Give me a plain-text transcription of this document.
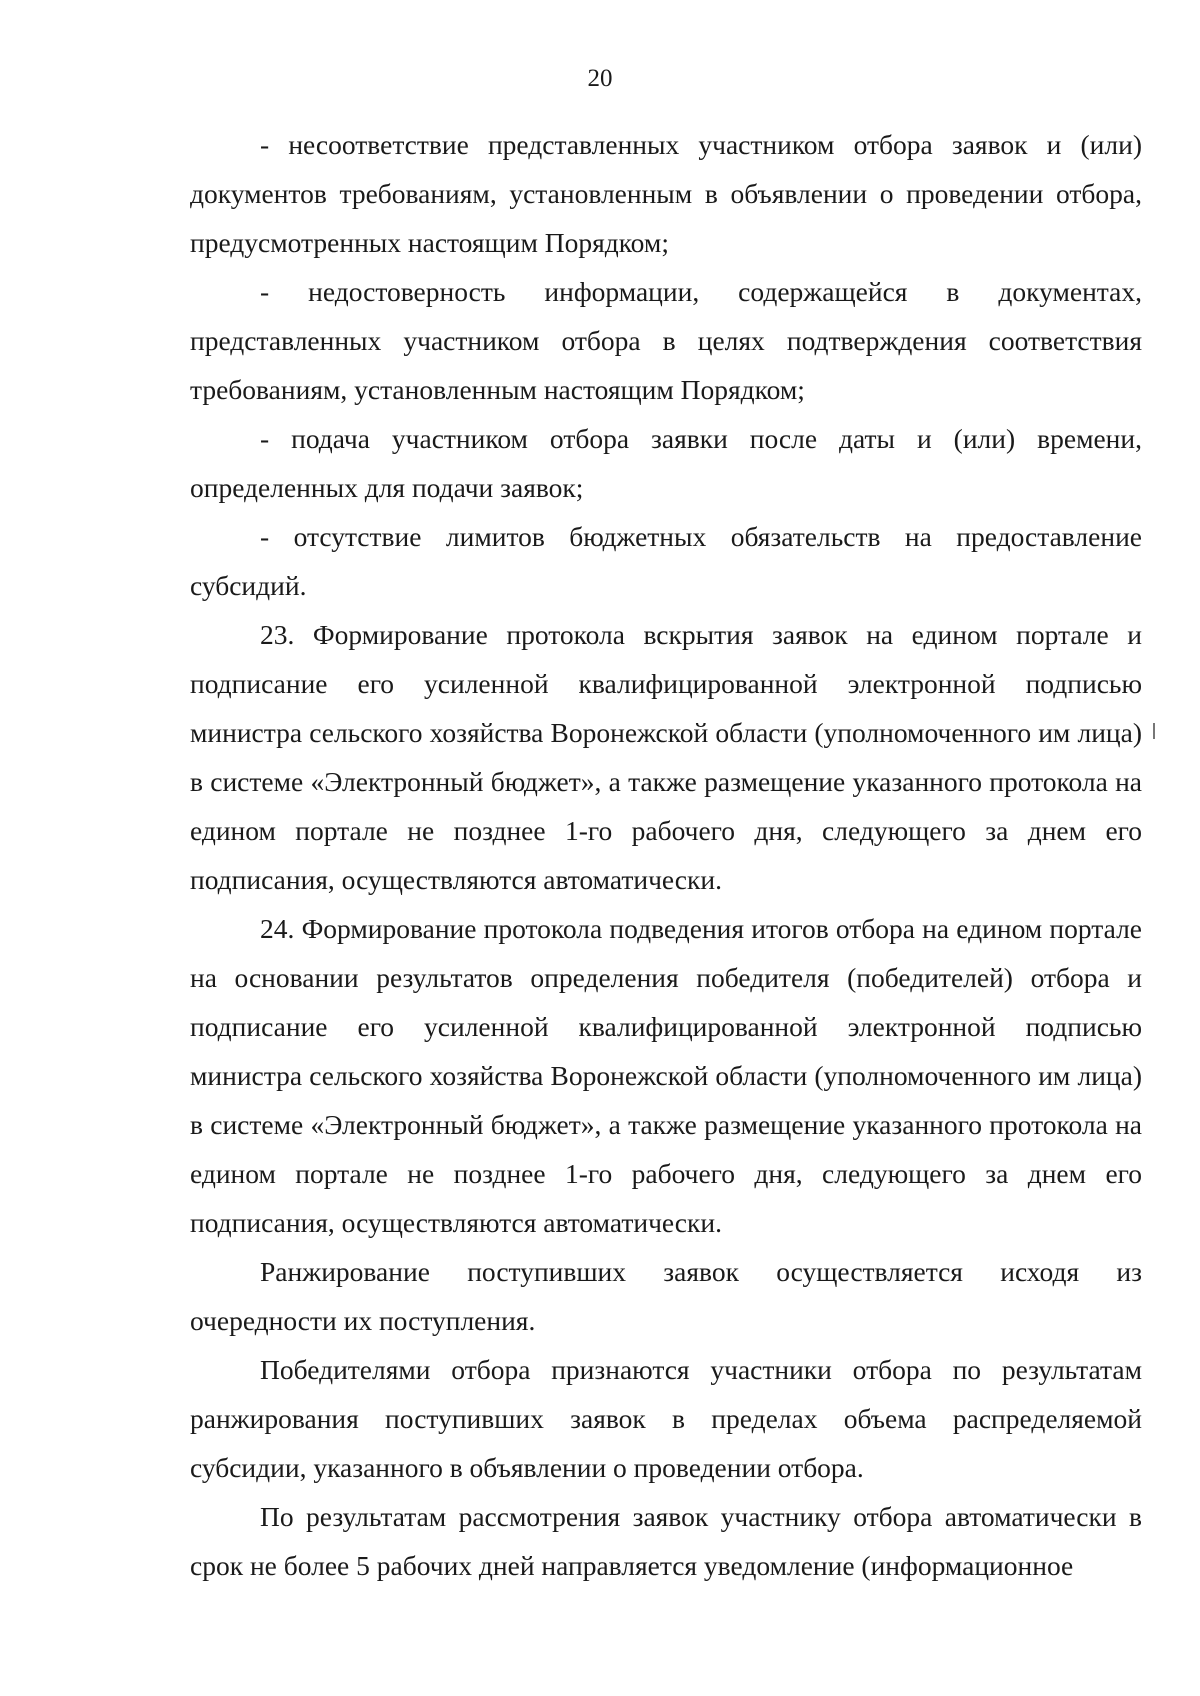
20

- несоответствие представленных участником отбора заявок и (или) документов требованиям, установленным в объявлении о проведении отбора, предусмотренных настоящим Порядком;

- недостоверность информации, содержащейся в документах, представленных участником отбора в целях подтверждения соответствия требованиям, установленным настоящим Порядком;

- подача участником отбора заявки после даты и (или) времени, определенных для подачи заявок;

- отсутствие лимитов бюджетных обязательств на предоставление субсидий.

23. Формирование протокола вскрытия заявок на едином портале и подписание его усиленной квалифицированной электронной подписью министра сельского хозяйства Воронежской области (уполномоченного им лица) в системе «Электронный бюджет», а также размещение указанного протокола на едином портале не позднее 1-го рабочего дня, следующего за днем его подписания, осуществляются автоматически.

24. Формирование протокола подведения итогов отбора на едином портале на основании результатов определения победителя (победителей) отбора и подписание его усиленной квалифицированной электронной подписью министра сельского хозяйства Воронежской области (уполномоченного им лица) в системе «Электронный бюджет», а также размещение указанного протокола на едином портале не позднее 1-го рабочего дня, следующего за днем его подписания, осуществляются автоматически.

Ранжирование поступивших заявок осуществляется исходя из очередности их поступления.

Победителями отбора признаются участники отбора по результатам ранжирования поступивших заявок в пределах объема распределяемой субсидии, указанного в объявлении о проведении отбора.

По результатам рассмотрения заявок участнику отбора автоматически в срок не более 5 рабочих дней направляется уведомление (информационное
